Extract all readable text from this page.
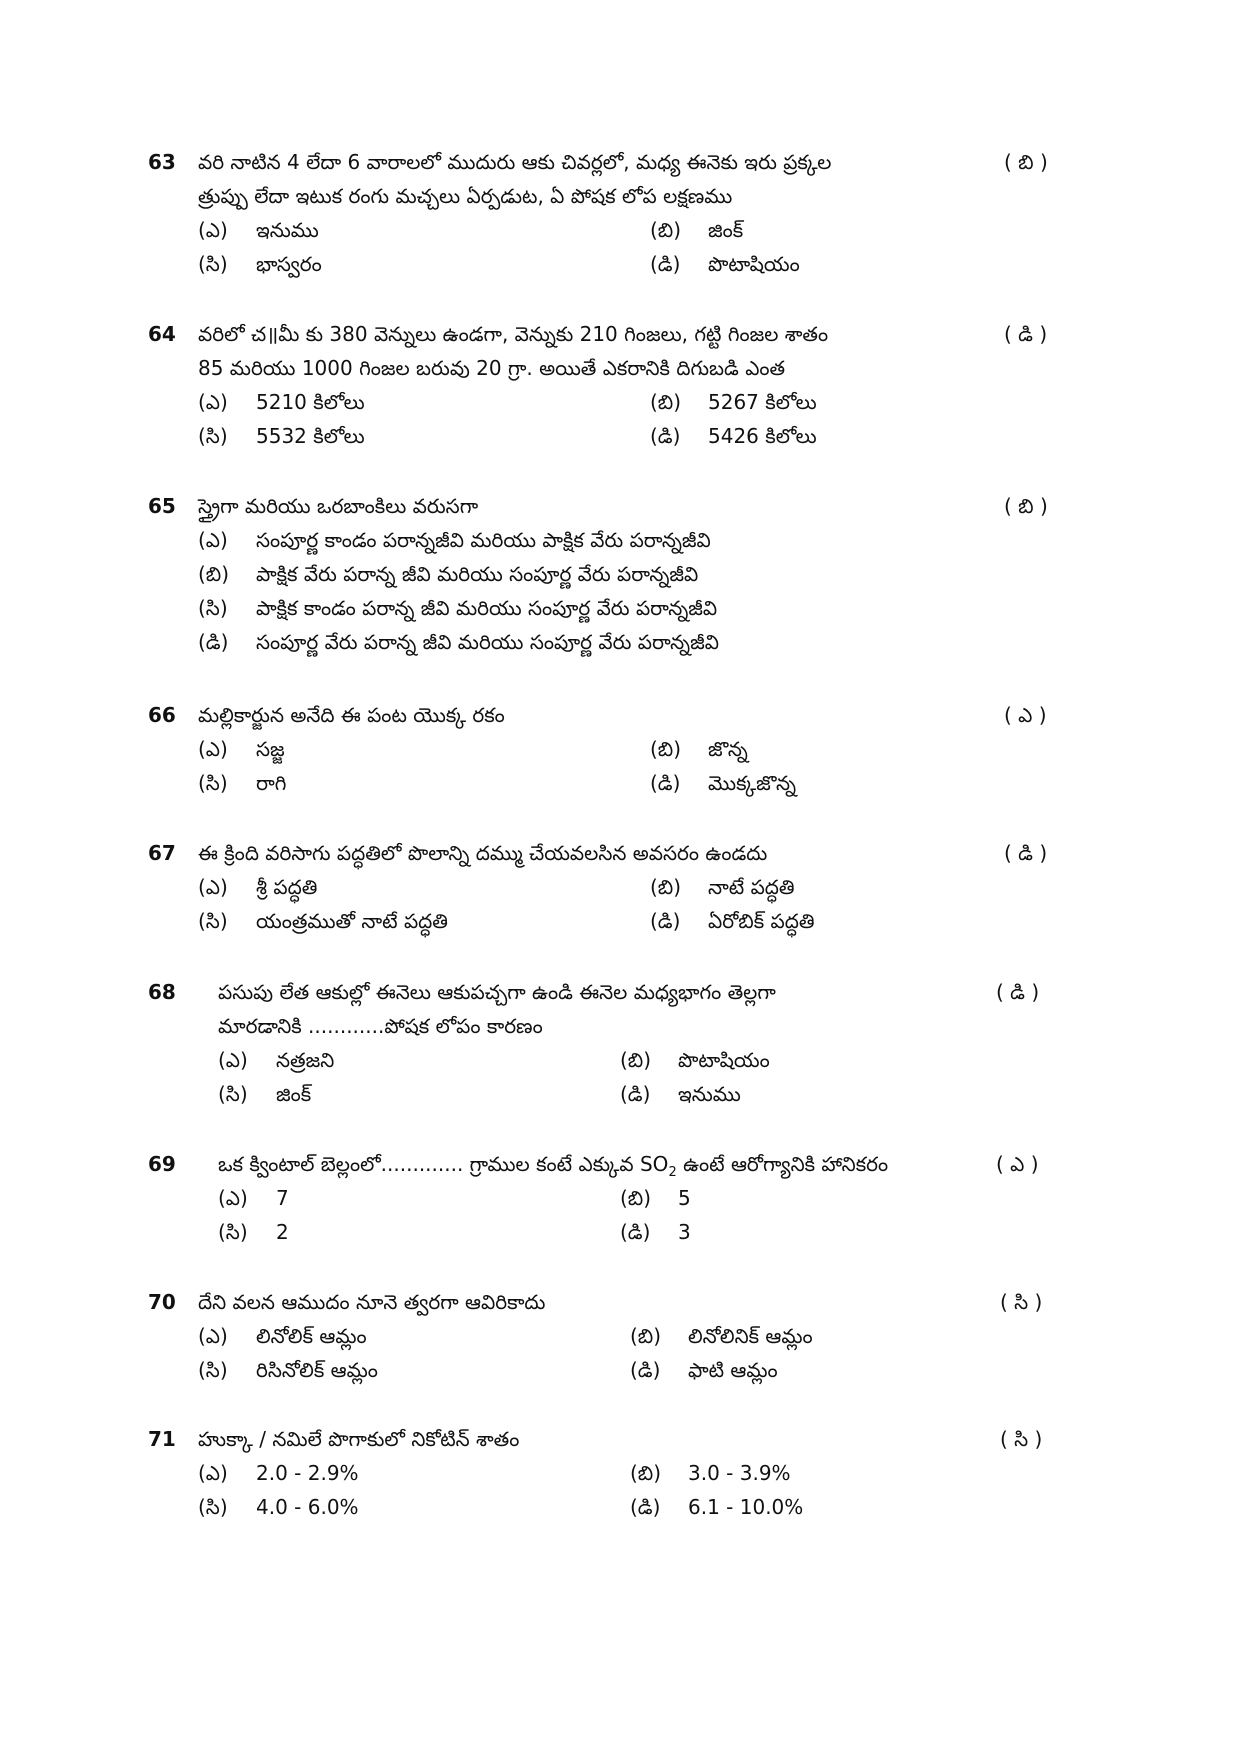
63 వరి నాటిన 4 లేదా 6 వారాలలో ముదురు ఆకు చివర్లలో, మధ్య ఈనెకు ఇరు ప్రక్కల	( బి )
త్రుప్పు లేదా ఇటుక రంగు మచ్చలు ఏర్పడుట, ఏ పోషక లోప లక్షణము
(ఎ) ఇనుము	(బి) జింక్
(సి) భాస్వరం	(డి) పొటాషియం
64 వరిలో చ॥మీ కు 380 వెన్నులు ఉండగా, వెన్నుకు 210 గింజలు, గట్టి గింజల శాతం	( డి )
85 మరియు 1000 గింజల బరువు 20 గ్రా. అయితే ఎకరానికి దిగుబడి ఎంత
(ఎ) 5210 కిలోలు	(బి) 5267 కిలోలు
(సి) 5532 కిలోలు	(డి) 5426 కిలోలు
65 స్త్రైగా మరియు ఒరబాంకిలు వరుసగా	( బి )
(ఎ) సంపూర్ణ కాండం పరాన్నజీవి మరియు పాక్షిక వేరు పరాన్నజీవి
(బి) పాక్షిక వేరు పరాన్న జీవి మరియు సంపూర్ణ వేరు పరాన్నజీవి
(సి) పాక్షిక కాండం పరాన్న జీవి మరియు సంపూర్ణ వేరు పరాన్నజీవి
(డి) సంపూర్ణ వేరు పరాన్న జీవి మరియు సంపూర్ణ వేరు పరాన్నజీవి
66 మల్లికార్జున అనేది ఈ పంట యొక్క రకం	( ఎ )
(ఎ) సజ్జ	(బి) జొన్న
(సి) రాగి	(డి) మొక్కజొన్న
67 ఈ క్రింది వరిసాగు పద్ధతిలో పొలాన్ని దమ్ము చేయవలసిన అవసరం ఉండదు	( డి )
(ఎ) శ్రీ పద్ధతి	(బి) నాటే పద్ధతి
(సి) యంత్రముతో నాటే పద్ధతి	(డి) ఏరోబిక్ పద్ధతి
68 పసుపు లేత ఆకుల్లో ఈనెలు ఆకుపచ్చగా ఉండి ఈనెల మధ్యభాగం తెల్లగా	( డి )
మారడానికి ............పోషక లోపం కారణం
(ఎ) నత్రజని	(బి) పొటాషియం
(సి) జింక్	(డి) ఇనుము
69 ఒక క్వింటాల్ బెల్లంలో............. గ్రాముల కంటే ఎక్కువ $SO_2$ ఉంటే ఆరోగ్యానికి హానికరం	( ఎ )
(ఎ) 7	(బి) 5
(సి) 2	(డి) 3
70 దేని వలన ఆముదం నూనె త్వరగా ఆవిరికాదు	( సి )
(ఎ) లినోలిక్ ఆమ్లం	(బి) లినోలినిక్ ఆమ్లం
(సి) రిసినోలిక్ ఆమ్లం	(డి) ఫాటి ఆమ్లం
71 హుక్కా / నమిలే పొగాకులో నికోటిన్ శాతం	( సి )
(ఎ) 2.0 - 2.9%	(బి) 3.0 - 3.9%
(సి) 4.0 - 6.0%	(డి) 6.1 - 10.0%
